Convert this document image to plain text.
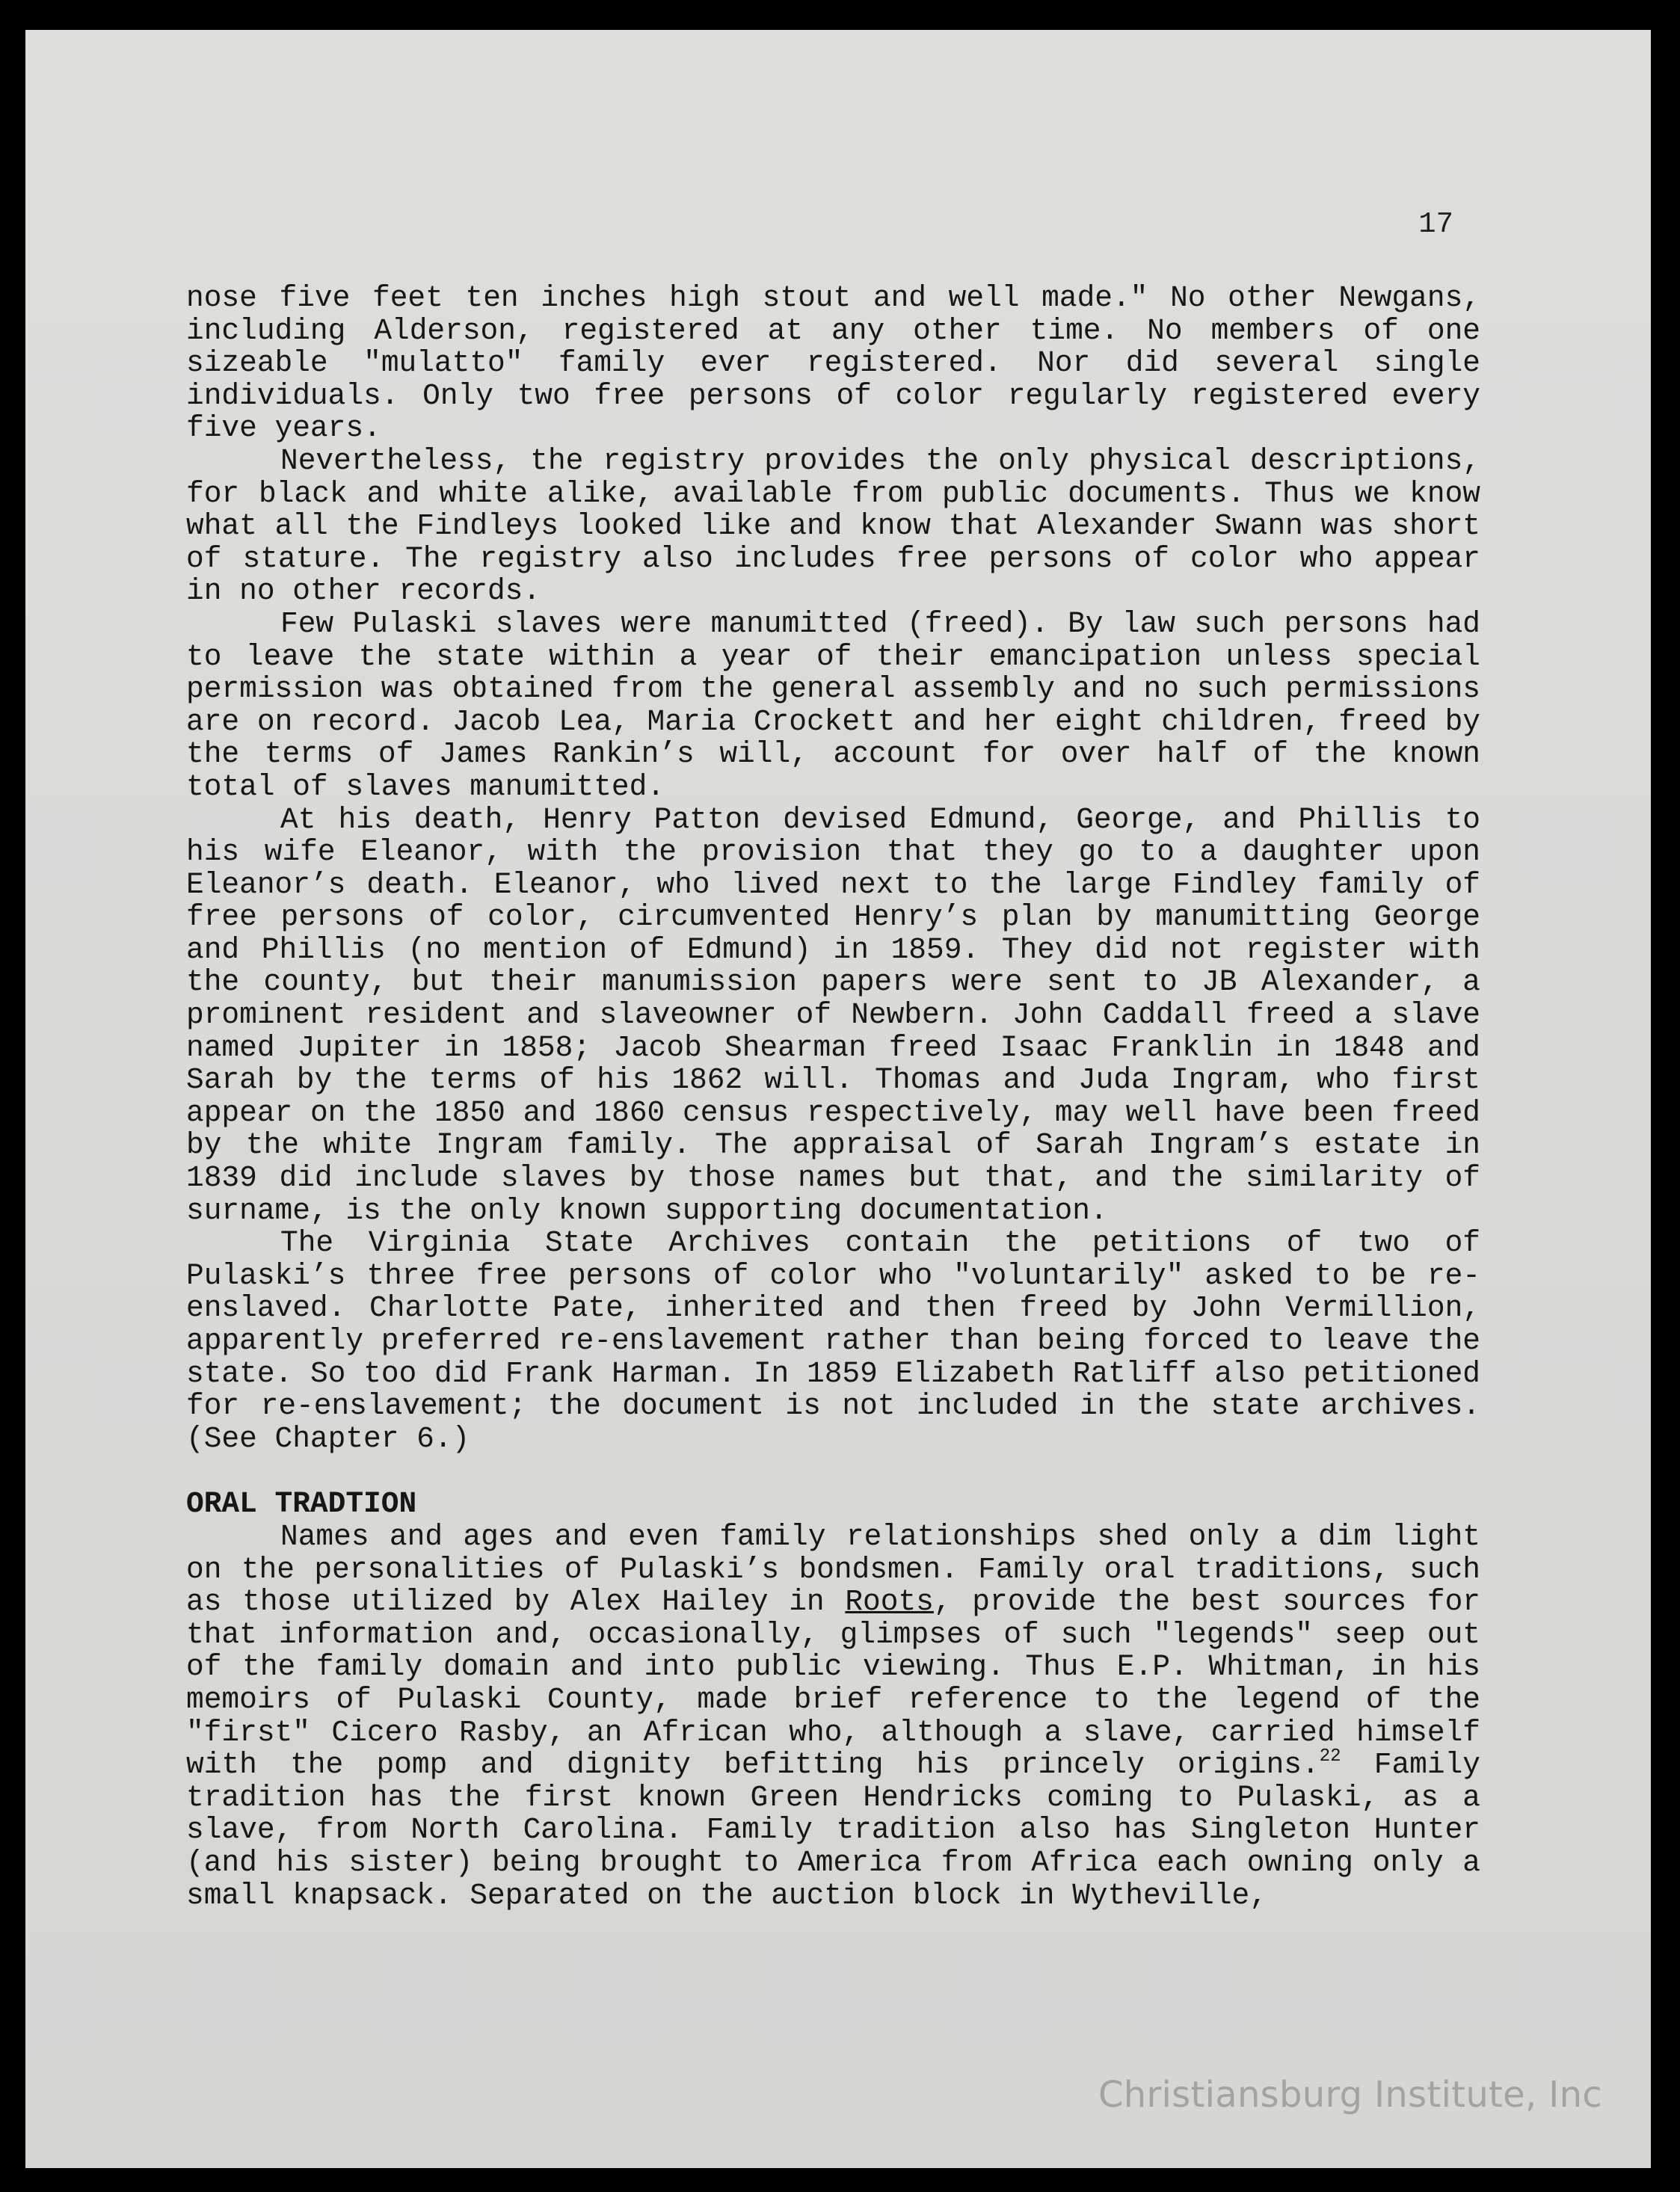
17

nose five feet ten inches high stout and well made." No other Newgans, including Alderson, registered at any other time. No members of one sizeable "mulatto" family ever registered. Nor did several single individuals. Only two free persons of color regularly registered every five years.

Nevertheless, the registry provides the only physical descriptions, for black and white alike, available from public documents. Thus we know what all the Findleys looked like and know that Alexander Swann was short of stature. The registry also includes free persons of color who appear in no other records.

Few Pulaski slaves were manumitted (freed). By law such persons had to leave the state within a year of their emancipation unless special permission was obtained from the general assembly and no such permissions are on record. Jacob Lea, Maria Crockett and her eight children, freed by the terms of James Rankin’s will, account for over half of the known total of slaves manumitted.

At his death, Henry Patton devised Edmund, George, and Phillis to his wife Eleanor, with the provision that they go to a daughter upon Eleanor’s death. Eleanor, who lived next to the large Findley family of free persons of color, circumvented Henry’s plan by manumitting George and Phillis (no mention of Edmund) in 1859. They did not register with the county, but their manumission papers were sent to JB Alexander, a prominent resident and slaveowner of Newbern. John Caddall freed a slave named Jupiter in 1858; Jacob Shearman freed Isaac Franklin in 1848 and Sarah by the terms of his 1862 will. Thomas and Juda Ingram, who first appear on the 1850 and 1860 census respectively, may well have been freed by the white Ingram family. The appraisal of Sarah Ingram’s estate in 1839 did include slaves by those names but that, and the similarity of surname, is the only known supporting documentation.

The Virginia State Archives contain the petitions of two of Pulaski’s three free persons of color who "voluntarily" asked to be re-enslaved. Charlotte Pate, inherited and then freed by John Vermillion, apparently preferred re-enslavement rather than being forced to leave the state. So too did Frank Harman. In 1859 Elizabeth Ratliff also petitioned for re-enslavement; the document is not included in the state archives. (See Chapter 6.)

ORAL TRADTION

Names and ages and even family relationships shed only a dim light on the personalities of Pulaski’s bondsmen. Family oral traditions, such as those utilized by Alex Hailey in Roots, provide the best sources for that information and, occasionally, glimpses of such "legends" seep out of the family domain and into public viewing. Thus E.P. Whitman, in his memoirs of Pulaski County, made brief reference to the legend of the "first" Cicero Rasby, an African who, although a slave, carried himself with the pomp and dignity befitting his princely origins.$^{22}$ Family tradition has the first known Green Hendricks coming to Pulaski, as a slave, from North Carolina. Family tradition also has Singleton Hunter (and his sister) being brought to America from Africa each owning only a small knapsack. Separated on the auction block in Wytheville,

Christiansburg Institute, Inc
